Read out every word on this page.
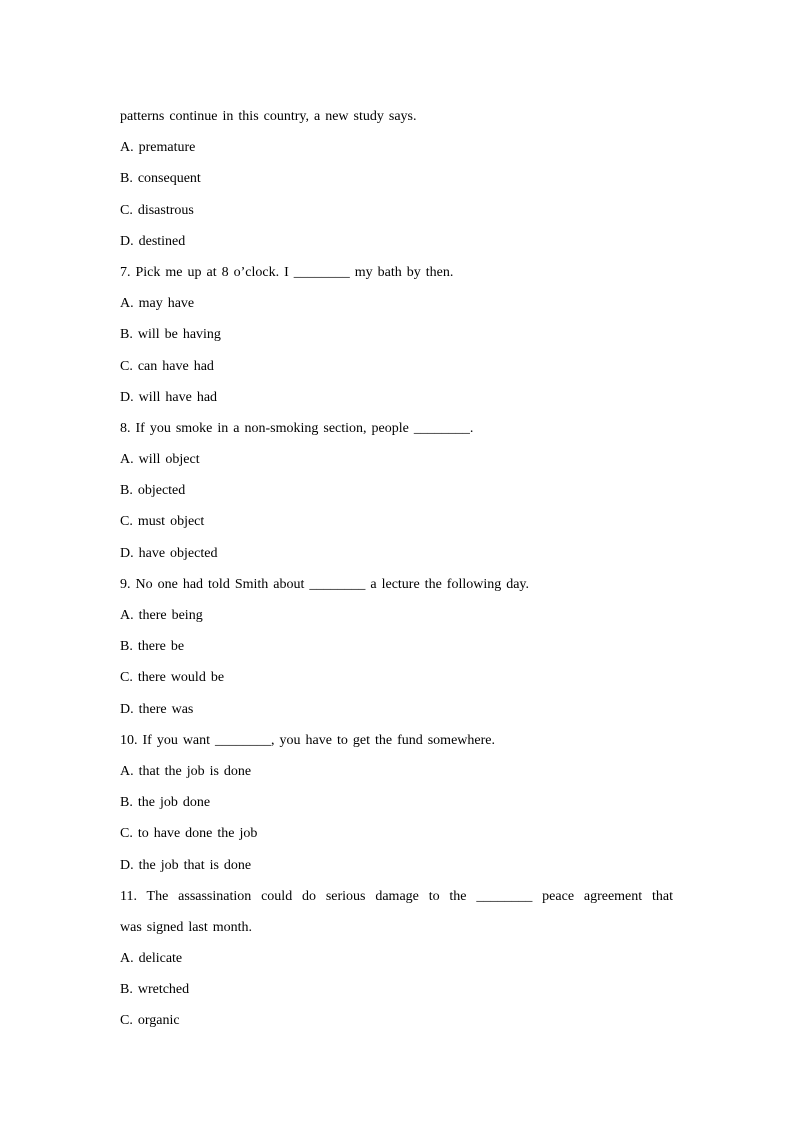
patterns continue in this country, a new study says.
A. premature
B. consequent
C. disastrous
D. destined
7. Pick me up at 8 o’clock. I ________ my bath by then.
A. may have
B. will be having
C. can have had
D. will have had
8. If you smoke in a non-smoking section, people ________.
A. will object
B. objected
C. must object
D. have objected
9. No one had told Smith about ________ a lecture the following day.
A. there being
B. there be
C. there would be
D. there was
10. If you want ________, you have to get the fund somewhere.
A. that the job is done
B. the job done
C. to have done the job
D. the job that is done
11. The assassination could do serious damage to the ________ peace agreement that
was signed last month.
A. delicate
B. wretched
C. organic
